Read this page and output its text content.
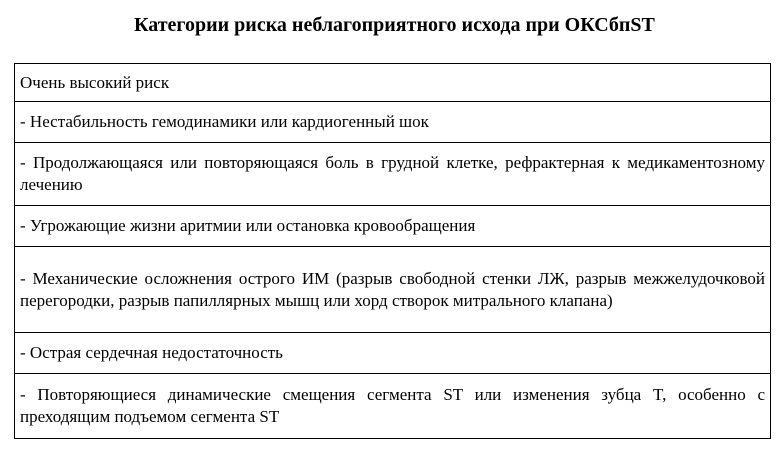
Категории риска неблагоприятного исхода при ОКСбпST
Очень высокий риск
- Нестабильность гемодинамики или кардиогенный шок
- Продолжающаяся или повторяющаяся боль в грудной клетке, рефрактерная к медикаментозному лечению
- Угрожающие жизни аритмии или остановка кровообращения
- Механические осложнения острого ИМ (разрыв свободной стенки ЛЖ, разрыв межжелудочковой перегородки, разрыв папиллярных мышц или хорд створок митрального клапана)
- Острая сердечная недостаточность
- Повторяющиеся динамические смещения сегмента ST или изменения зубца T, особенно с преходящим подъемом сегмента ST
